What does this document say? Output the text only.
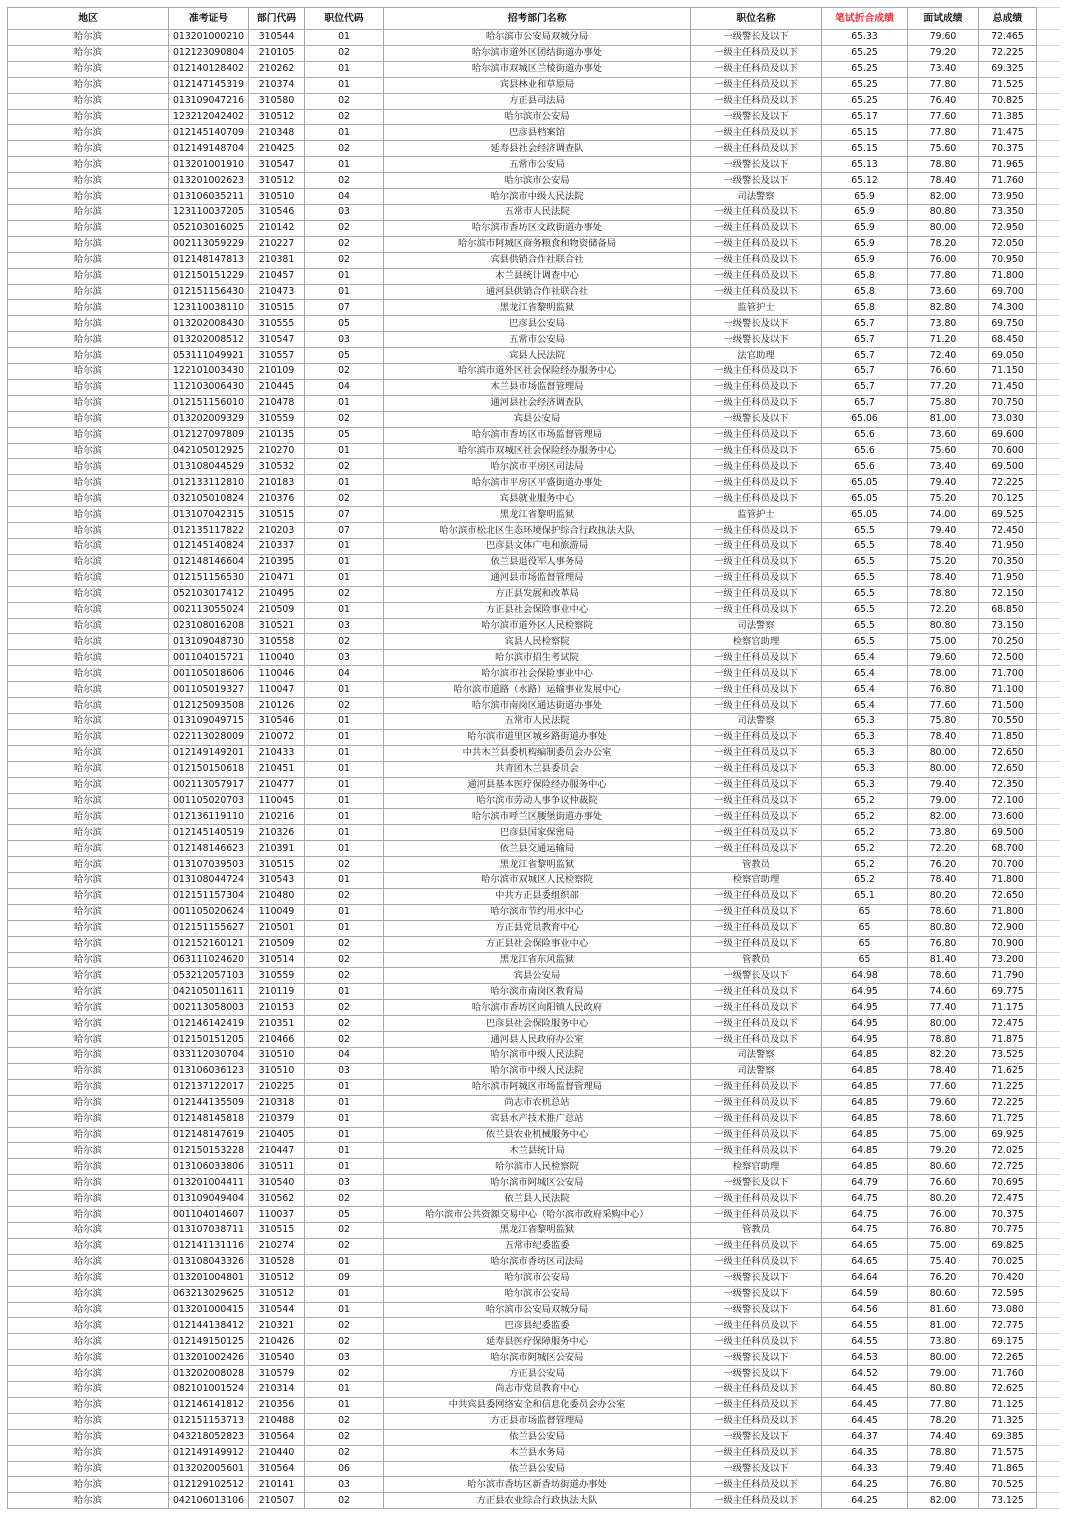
地区	准考证号	部门代码	职位代码	招考部门名称	职位名称	笔试折合成绩	面试成绩	总成绩	
哈尔滨	013201000210	310544	01	哈尔滨市公安局双城分局	一级警长及以下	65.33	79.60	72.465	
哈尔滨	012123090804	210105	02	哈尔滨市道外区团结街道办事处	一级主任科员及以下	65.25	79.20	72.225	
哈尔滨	012140128402	210262	01	哈尔滨市双城区兰棱街道办事处	一级主任科员及以下	65.25	73.40	69.325	
哈尔滨	012147145319	210374	01	宾县林业和草原局	一级主任科员及以下	65.25	77.80	71.525	
哈尔滨	013109047216	310580	02	方正县司法局	一级主任科员及以下	65.25	76.40	70.825	
哈尔滨	123212042402	310512	02	哈尔滨市公安局	一级警长及以下	65.17	77.60	71.385	
哈尔滨	012145140709	210348	01	巴彦县档案馆	一级主任科员及以下	65.15	77.80	71.475	
哈尔滨	012149148704	210425	02	延寿县社会经济调查队	一级主任科员及以下	65.15	75.60	70.375	
哈尔滨	013201001910	310547	01	五常市公安局	一级警长及以下	65.13	78.80	71.965	
哈尔滨	013201002623	310512	02	哈尔滨市公安局	一级警长及以下	65.12	78.40	71.760	
哈尔滨	013106035211	310510	04	哈尔滨市中级人民法院	司法警察	65.9	82.00	73.950	
哈尔滨	123110037205	310546	03	五常市人民法院	一级主任科员及以下	65.9	80.80	73.350	
哈尔滨	052103016025	210142	02	哈尔滨市香坊区文政街道办事处	一级主任科员及以下	65.9	80.00	72.950	
哈尔滨	002113059229	210227	02	哈尔滨市阿城区商务粮食和物资储备局	一级主任科员及以下	65.9	78.20	72.050	
哈尔滨	012148147813	210381	02	宾县供销合作社联合社	一级主任科员及以下	65.9	76.00	70.950	
哈尔滨	012150151229	210457	01	木兰县统计调查中心	一级主任科员及以下	65.8	77.80	71.800	
哈尔滨	012151156430	210473	01	通河县供销合作社联合社	一级主任科员及以下	65.8	73.60	69.700	
哈尔滨	123110038110	310515	07	黑龙江省黎明监狱	监管护士	65.8	82.80	74.300	
哈尔滨	013202008430	310555	05	巴彦县公安局	一级警长及以下	65.7	73.80	69.750	
哈尔滨	013202008512	310547	03	五常市公安局	一级警长及以下	65.7	71.20	68.450	
哈尔滨	053111049921	310557	05	宾县人民法院	法官助理	65.7	72.40	69.050	
哈尔滨	122101003430	210109	02	哈尔滨市道外区社会保险经办服务中心	一级主任科员及以下	65.7	76.60	71.150	
哈尔滨	112103006430	210445	04	木兰县市场监督管理局	一级主任科员及以下	65.7	77.20	71.450	
哈尔滨	012151156010	210478	01	通河县社会经济调查队	一级主任科员及以下	65.7	75.80	70.750	
哈尔滨	013202009329	310559	02	宾县公安局	一级警长及以下	65.06	81.00	73.030	
哈尔滨	012127097809	210135	05	哈尔滨市香坊区市场监督管理局	一级主任科员及以下	65.6	73.60	69.600	
哈尔滨	042105012925	210270	01	哈尔滨市双城区社会保险经办服务中心	一级主任科员及以下	65.6	75.60	70.600	
哈尔滨	013108044529	310532	02	哈尔滨市平房区司法局	一级主任科员及以下	65.6	73.40	69.500	
哈尔滨	012133112810	210183	01	哈尔滨市平房区平盛街道办事处	一级主任科员及以下	65.05	79.40	72.225	
哈尔滨	032105010824	210376	02	宾县就业服务中心	一级主任科员及以下	65.05	75.20	70.125	
哈尔滨	013107042315	310515	07	黑龙江省黎明监狱	监管护士	65.05	74.00	69.525	
哈尔滨	012135117822	210203	07	哈尔滨市松北区生态环境保护综合行政执法大队	一级主任科员及以下	65.5	79.40	72.450	
哈尔滨	012145140824	210337	01	巴彦县文体广电和旅游局	一级主任科员及以下	65.5	78.40	71.950	
哈尔滨	012148146604	210395	01	依兰县退役军人事务局	一级主任科员及以下	65.5	75.20	70.350	
哈尔滨	012151156530	210471	01	通河县市场监督管理局	一级主任科员及以下	65.5	78.40	71.950	
哈尔滨	052103017412	210495	02	方正县发展和改革局	一级主任科员及以下	65.5	78.80	72.150	
哈尔滨	002113055024	210509	01	方正县社会保险事业中心	一级主任科员及以下	65.5	72.20	68.850	
哈尔滨	023108016208	310521	03	哈尔滨市道外区人民检察院	司法警察	65.5	80.80	73.150	
哈尔滨	013109048730	310558	02	宾县人民检察院	检察官助理	65.5	75.00	70.250	
哈尔滨	001104015721	110040	03	哈尔滨市招生考试院	一级主任科员及以下	65.4	79.60	72.500	
哈尔滨	001105018606	110046	04	哈尔滨市社会保险事业中心	一级主任科员及以下	65.4	78.00	71.700	
哈尔滨	001105019327	110047	01	哈尔滨市道路（水路）运输事业发展中心	一级主任科员及以下	65.4	76.80	71.100	
哈尔滨	012125093508	210126	02	哈尔滨市南岗区通达街道办事处	一级主任科员及以下	65.4	77.60	71.500	
哈尔滨	013109049715	310546	01	五常市人民法院	司法警察	65.3	75.80	70.550	
哈尔滨	022113028009	210072	01	哈尔滨市道里区城乡路街道办事处	一级主任科员及以下	65.3	78.40	71.850	
哈尔滨	012149149201	210433	01	中共木兰县委机构编制委员会办公室	一级主任科员及以下	65.3	80.00	72.650	
哈尔滨	012150150618	210451	01	共青团木兰县委员会	一级主任科员及以下	65.3	80.00	72.650	
哈尔滨	002113057917	210477	01	通河县基本医疗保险经办服务中心	一级主任科员及以下	65.3	79.40	72.350	
哈尔滨	001105020703	110045	01	哈尔滨市劳动人事争议仲裁院	一级主任科员及以下	65.2	79.00	72.100	
哈尔滨	012136119110	210216	01	哈尔滨市呼兰区腰堡街道办事处	一级主任科员及以下	65.2	82.00	73.600	
哈尔滨	012145140519	210326	01	巴彦县国家保密局	一级主任科员及以下	65.2	73.80	69.500	
哈尔滨	012148146623	210391	01	依兰县交通运输局	一级主任科员及以下	65.2	72.20	68.700	
哈尔滨	013107039503	310515	02	黑龙江省黎明监狱	管教员	65.2	76.20	70.700	
哈尔滨	013108044724	310543	01	哈尔滨市双城区人民检察院	检察官助理	65.2	78.40	71.800	
哈尔滨	012151157304	210480	02	中共方正县委组织部	一级主任科员及以下	65.1	80.20	72.650	
哈尔滨	001105020624	110049	01	哈尔滨市节约用水中心	一级主任科员及以下	65	78.60	71.800	
哈尔滨	012151155627	210501	01	方正县党员教育中心	一级主任科员及以下	65	80.80	72.900	
哈尔滨	012152160121	210509	02	方正县社会保险事业中心	一级主任科员及以下	65	76.80	70.900	
哈尔滨	063111024620	310514	02	黑龙江省东风监狱	管教员	65	81.40	73.200	
哈尔滨	053212057103	310559	02	宾县公安局	一级警长及以下	64.98	78.60	71.790	
哈尔滨	042105011611	210119	01	哈尔滨市南岗区教育局	一级主任科员及以下	64.95	74.60	69.775	
哈尔滨	002113058003	210153	02	哈尔滨市香坊区向阳镇人民政府	一级主任科员及以下	64.95	77.40	71.175	
哈尔滨	012146142419	210351	02	巴彦县社会保险服务中心	一级主任科员及以下	64.95	80.00	72.475	
哈尔滨	012150151205	210466	02	通河县人民政府办公室	一级主任科员及以下	64.95	78.80	71.875	
哈尔滨	033112030704	310510	04	哈尔滨市中级人民法院	司法警察	64.85	82.20	73.525	
哈尔滨	013106036123	310510	03	哈尔滨市中级人民法院	司法警察	64.85	78.40	71.625	
哈尔滨	012137122017	210225	01	哈尔滨市阿城区市场监督管理局	一级主任科员及以下	64.85	77.60	71.225	
哈尔滨	012144135509	210318	01	尚志市农机总站	一级主任科员及以下	64.85	79.60	72.225	
哈尔滨	012148145818	210379	01	宾县水产技术推广总站	一级主任科员及以下	64.85	78.60	71.725	
哈尔滨	012148147619	210405	01	依兰县农业机械服务中心	一级主任科员及以下	64.85	75.00	69.925	
哈尔滨	012150153228	210447	01	木兰县统计局	一级主任科员及以下	64.85	79.20	72.025	
哈尔滨	013106033806	310511	01	哈尔滨市人民检察院	检察官助理	64.85	80.60	72.725	
哈尔滨	013201004411	310540	03	哈尔滨市阿城区公安局	一级警长及以下	64.79	76.60	70.695	
哈尔滨	013109049404	310562	02	依兰县人民法院	一级主任科员及以下	64.75	80.20	72.475	
哈尔滨	001104014607	110037	05	哈尔滨市公共资源交易中心（哈尔滨市政府采购中心）	一级主任科员及以下	64.75	76.00	70.375	
哈尔滨	013107038711	310515	02	黑龙江省黎明监狱	管教员	64.75	76.80	70.775	
哈尔滨	012141131116	210274	02	五常市纪委监委	一级主任科员及以下	64.65	75.00	69.825	
哈尔滨	013108043326	310528	01	哈尔滨市香坊区司法局	一级主任科员及以下	64.65	75.40	70.025	
哈尔滨	013201004801	310512	09	哈尔滨市公安局	一级警长及以下	64.64	76.20	70.420	
哈尔滨	063213029625	310512	01	哈尔滨市公安局	一级警长及以下	64.59	80.60	72.595	
哈尔滨	013201000415	310544	01	哈尔滨市公安局双城分局	一级警长及以下	64.56	81.60	73.080	
哈尔滨	012144138412	210321	02	巴彦县纪委监委	一级主任科员及以下	64.55	81.00	72.775	
哈尔滨	012149150125	210426	02	延寿县医疗保障服务中心	一级主任科员及以下	64.55	73.80	69.175	
哈尔滨	013201002426	310540	03	哈尔滨市阿城区公安局	一级警长及以下	64.53	80.00	72.265	
哈尔滨	013202008028	310579	02	方正县公安局	一级警长及以下	64.52	79.00	71.760	
哈尔滨	082101001524	210314	01	尚志市党员教育中心	一级主任科员及以下	64.45	80.80	72.625	
哈尔滨	012146141812	210356	01	中共宾县委网络安全和信息化委员会办公室	一级主任科员及以下	64.45	77.80	71.125	
哈尔滨	012151153713	210488	02	方正县市场监督管理局	一级主任科员及以下	64.45	78.20	71.325	
哈尔滨	043218052823	310564	02	依兰县公安局	一级警长及以下	64.37	74.40	69.385	
哈尔滨	012149149912	210440	02	木兰县水务局	一级主任科员及以下	64.35	78.80	71.575	
哈尔滨	013202005601	310564	06	依兰县公安局	一级警长及以下	64.33	79.40	71.865	
哈尔滨	012129102512	210141	03	哈尔滨市香坊区新香坊街道办事处	一级主任科员及以下	64.25	76.80	70.525	
哈尔滨	042106013106	210507	02	方正县农业综合行政执法大队	一级主任科员及以下	64.25	82.00	73.125	
